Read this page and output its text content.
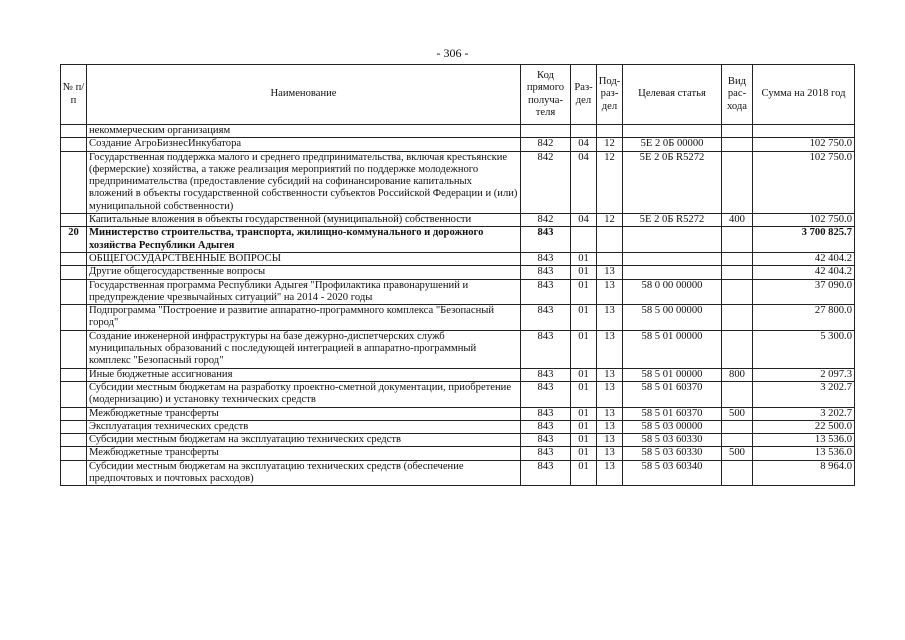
- 306 -
№ п/п	Наименование	Код прямого получа-теля	Раз-дел	Под-раз-дел	Целевая статья	Вид рас-хода	Сумма на 2018 год
	некоммерческим организациям						
	Создание АгроБизнесИнкубатора	842	04	12	5Е 2 0Б 00000		102 750.0
	Государственная поддержка малого и среднего предпринимательства, включая крестьянские (фермерские) хозяйства, а также реализация мероприятий по поддержке молодежного предпринимательства (предоставление субсидий на софинансирование капитальных вложений в объекты государственной собственности субъектов Российской Федерации и (или) муниципальной собственности)	842	04	12	5Е 2 0Б R5272		102 750.0
	Капитальные вложения в объекты государственной (муниципальной) собственности	842	04	12	5Е 2 0Б R5272	400	102 750.0
20	Министерство строительства, транспорта, жилищно-коммунального и дорожного хозяйства Республики Адыгея	843					3 700 825.7
	ОБЩЕГОСУДАРСТВЕННЫЕ ВОПРОСЫ	843	01				42 404.2
	Другие общегосударственные вопросы	843	01	13			42 404.2
	Государственная программа Республики Адыгея "Профилактика правонарушений и предупреждение чрезвычайных ситуаций" на 2014 - 2020 годы	843	01	13	58 0 00 00000		37 090.0
	Подпрограмма "Построение и развитие аппаратно-программного комплекса "Безопасный город"	843	01	13	58 5 00 00000		27 800.0
	Создание инженерной инфраструктуры на базе дежурно-диспетчерских служб муниципальных образований с последующей интеграцией в аппаратно-программный комплекс "Безопасный город"	843	01	13	58 5 01 00000		5 300.0
	Иные бюджетные ассигнования	843	01	13	58 5 01 00000	800	2 097.3
	Субсидии местным бюджетам на разработку проектно-сметной документации, приобретение (модернизацию) и установку технических средств	843	01	13	58 5 01 60370		3 202.7
	Межбюджетные трансферты	843	01	13	58 5 01 60370	500	3 202.7
	Эксплуатация технических средств	843	01	13	58 5 03 00000		22 500.0
	Субсидии местным бюджетам на эксплуатацию технических средств	843	01	13	58 5 03 60330		13 536.0
	Межбюджетные трансферты	843	01	13	58 5 03 60330	500	13 536.0
	Субсидии местным бюджетам на эксплуатацию технических средств (обеспечение предпочтовых и почтовых расходов)	843	01	13	58 5 03 60340		8 964.0
